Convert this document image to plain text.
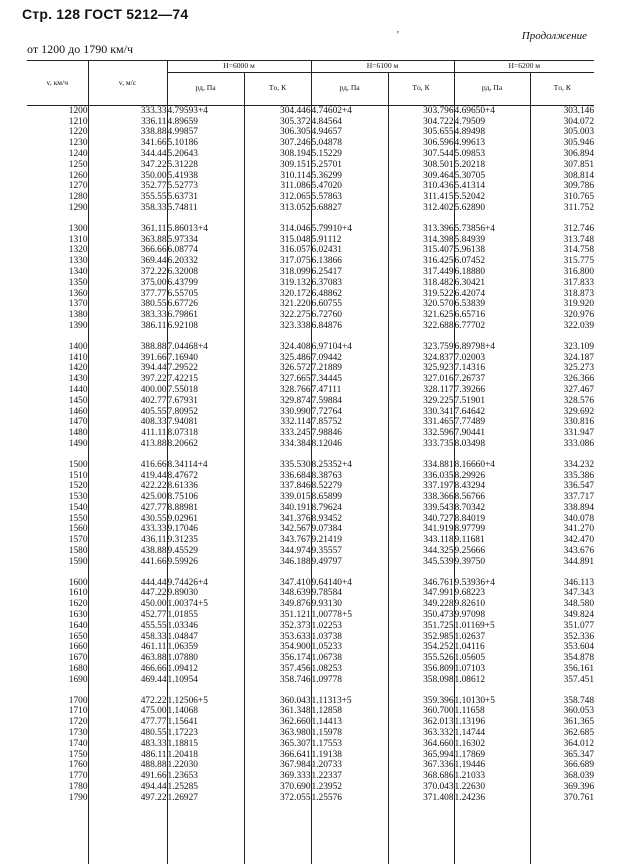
Стр. 128 ГОСТ 5212—74
'	Продолжение
от 1200 до 1790 км/ч
v, км/ч	v, м/с	H=6000 м		H=6100 м		H=6200 м	
		pд, Па	Tо, К	pд, Па	Tо, К	pд, Па	Tо, К
1200	333.33	4.79593+4	304.446	4.74602+4	303.796	4.69650+4	303.146
1210	336.11	4.89659	305.372	4.84564	304.722	4.79509	304.072
1220	338.88	4.99857	306.305	4.94657	305.655	4.89498	305.003
1230	341.66	5.10186	307.246	5.04878	306.596	4.99613	305.946
1240	344.44	5.20643	308.194	5.15229	307.544	5.09853	306.894
1250	347.22	5.31228	309.151	5.25701	308.501	5.20218	307.851
1260	350.00	5.41938	310.114	5.36299	309.464	5.30705	308.814
1270	352.77	5.52773	311.086	5.47020	310.436	5.41314	309.786
1280	355.55	5.63731	312.065	5.57863	311.415	5.52042	310.765
1290	358.33	5.74811	313.052	5.68827	312.402	5.62890	311.752

1300	361.11	5.86013+4	314.046	5.79910+4	313.396	5.73856+4	312.746
1310	363.88	5.97334	315.048	5.91112	314.398	5.84939	313.748
1320	366.66	6.08774	316.057	6.02431	315.407	5.96138	314.758
1330	369.44	6.20332	317.075	6.13866	316.425	6.07452	315.775
1340	372.22	6.32008	318.099	6.25417	317.449	6.18880	316.800
1350	375.00	6.43799	319.132	6.37083	318.482	6.30421	317.833
1360	377.77	6.55705	320.172	6.48862	319.522	6.42074	318.873
1370	380.55	6.67726	321.220	6.60755	320.570	6.53839	319.920
1380	383.33	6.79861	322.275	6.72760	321.625	6.65716	320.976
1390	386.11	6.92108	323.338	6.84876	322.688	6.77702	322.039

1400	388.88	7.04468+4	324.408	6.97104+4	323.759	6.89798+4	323.109
1410	391.66	7.16940	325.486	7.09442	324.837	7.02003	324.187
1420	394.44	7.29522	326.572	7.21889	325.923	7.14316	325.273
1430	397.22	7.42215	327.665	7.34445	327.016	7.26737	326.366
1440	400.00	7.55018	328.766	7.47111	328.117	7.39266	327.467
1450	402.77	7.67931	329.874	7.59884	329.225	7.51901	328.576
1460	405.55	7.80952	330.990	7.72764	330.341	7.64642	329.692
1470	408.33	7.94081	332.114	7.85752	331.465	7.77489	330.816
1480	411.11	8.07318	333.245	7.98846	332.596	7.90441	331.947
1490	413.88	8.20662	334.384	8.12046	333.735	8.03498	333.086

1500	416.66	8.34114+4	335.530	8.25352+4	334.881	8.16660+4	334.232
1510	419.44	8.47672	336.684	8.38763	336.035	8.29926	335.386
1520	422.22	8.61336	337.846	8.52279	337.197	8.43294	336.547
1530	425.00	8.75106	339.015	8.65899	338.366	8.56766	337.717
1540	427.77	8.88981	340.191	8.79624	339.543	8.70342	338.894
1550	430.55	9.02961	341.376	8.93452	340.727	8.84019	340.078
1560	433.33	9.17046	342.567	9.07384	341.919	8.97799	341.270
1570	436.11	9.31235	343.767	9.21419	343.118	9.11681	342.470
1580	438.88	9.45529	344.974	9.35557	344.325	9.25666	343.676
1590	441.66	9.59926	346.188	9.49797	345.539	9.39750	344.891

1600	444.44	9.74426+4	347.410	9.64140+4	346.761	9.53936+4	346.113
1610	447.22	9.89030	348.639	9.78584	347.991	9.68223	347.343
1620	450.00	1.00374+5	349.876	9.93130	349.228	9.82610	348.580
1630	452.77	1.01855	351.121	1.00778+5	350.473	9.97098	349.824
1640	455.55	1.03346	352.373	1.02253	351.725	1.01169+5	351.077
1650	458.33	1.04847	353.633	1.03738	352.985	1.02637	352.336
1660	461.11	1.06359	354.900	1.05233	354.252	1.04116	353.604
1670	463.88	1.07880	356.174	1.06738	355.526	1.05605	354.878
1680	466.66	1.09412	357.456	1.08253	356.809	1.07103	356.161
1690	469.44	1.10954	358.746	1.09778	358.098	1.08612	357.451

1700	472.22	1.12506+5	360.043	1.11313+5	359.396	1.10130+5	358.748
1710	475.00	1.14068	361.348	1.12858	360.700	1.11658	360.053
1720	477.77	1.15641	362.660	1.14413	362.013	1.13196	361.365
1730	480.55	1.17223	363.980	1.15978	363.332	1.14744	362.685
1740	483.33	1.18815	365.307	1.17553	364.660	1.16302	364.012
1750	486.11	1.20418	366.641	1.19138	365.994	1.17869	365.347
1760	488.88	1.22030	367.984	1.20733	367.336	1.19446	366.689
1770	491.66	1.23653	369.333	1.22337	368.686	1.21033	368.039
1780	494.44	1.25285	370.690	1.23952	370.043	1.22630	369.396
1790	497.22	1.26927	372.055	1.25576	371.408	1.24236	370.761
